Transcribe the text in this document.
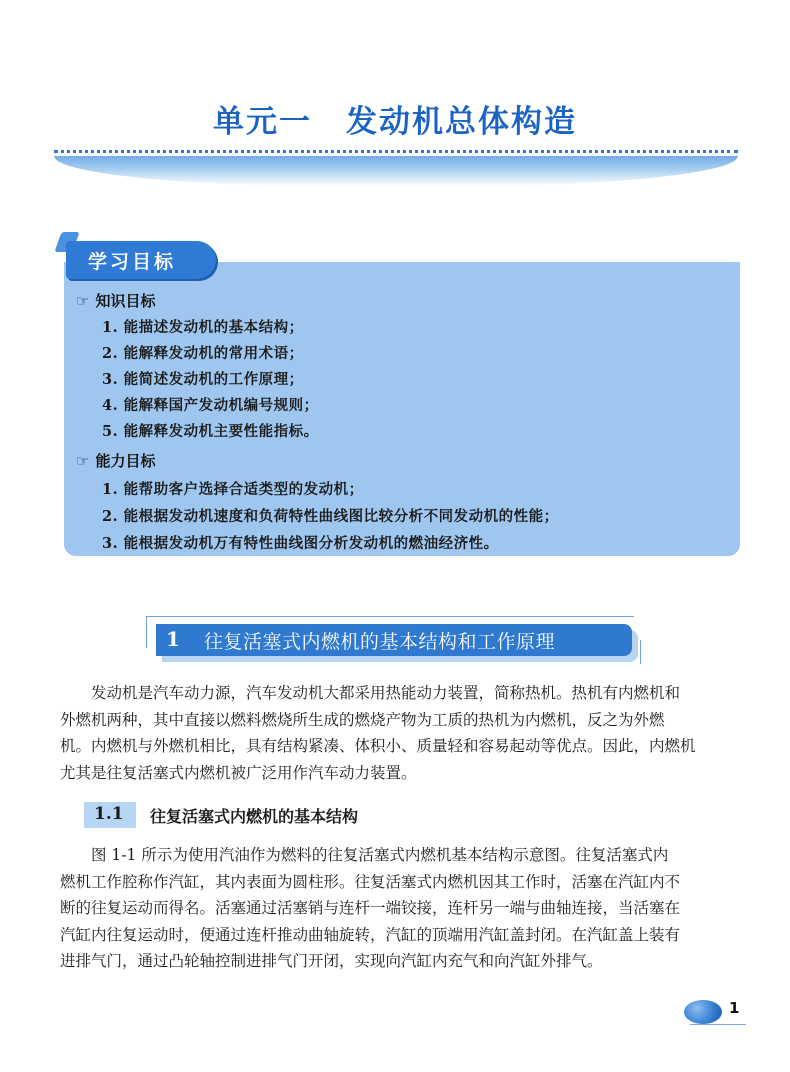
单元一 发动机总体构造
学习目标
☞ 知识目标
1. 能描述发动机的基本结构；
2. 能解释发动机的常用术语；
3. 能简述发动机的工作原理；
4. 能解释国产发动机编号规则；
5. 能解释发动机主要性能指标。
☞ 能力目标
1. 能帮助客户选择合适类型的发动机；
2. 能根据发动机速度和负荷特性曲线图比较分析不同发动机的性能；
3. 能根据发动机万有特性曲线图分析发动机的燃油经济性。
1 往复活塞式内燃机的基本结构和工作原理
发动机是汽车动力源，汽车发动机大都采用热能动力装置，简称热机。热机有内燃机和
外燃机两种，其中直接以燃料燃烧所生成的燃烧产物为工质的热机为内燃机，反之为外燃
机。内燃机与外燃机相比，具有结构紧凑、体积小、质量轻和容易起动等优点。因此，内燃机
尤其是往复活塞式内燃机被广泛用作汽车动力装置。
1.1 往复活塞式内燃机的基本结构
图 1-1 所示为使用汽油作为燃料的往复活塞式内燃机基本结构示意图。往复活塞式内
燃机工作腔称作汽缸，其内表面为圆柱形。往复活塞式内燃机因其工作时，活塞在汽缸内不
断的往复运动而得名。活塞通过活塞销与连杆一端铰接，连杆另一端与曲轴连接，当活塞在
汽缸内往复运动时，便通过连杆推动曲轴旋转，汽缸的顶端用汽缸盖封闭。在汽缸盖上装有
进排气门，通过凸轮轴控制进排气门开闭，实现向汽缸内充气和向汽缸外排气。
1
